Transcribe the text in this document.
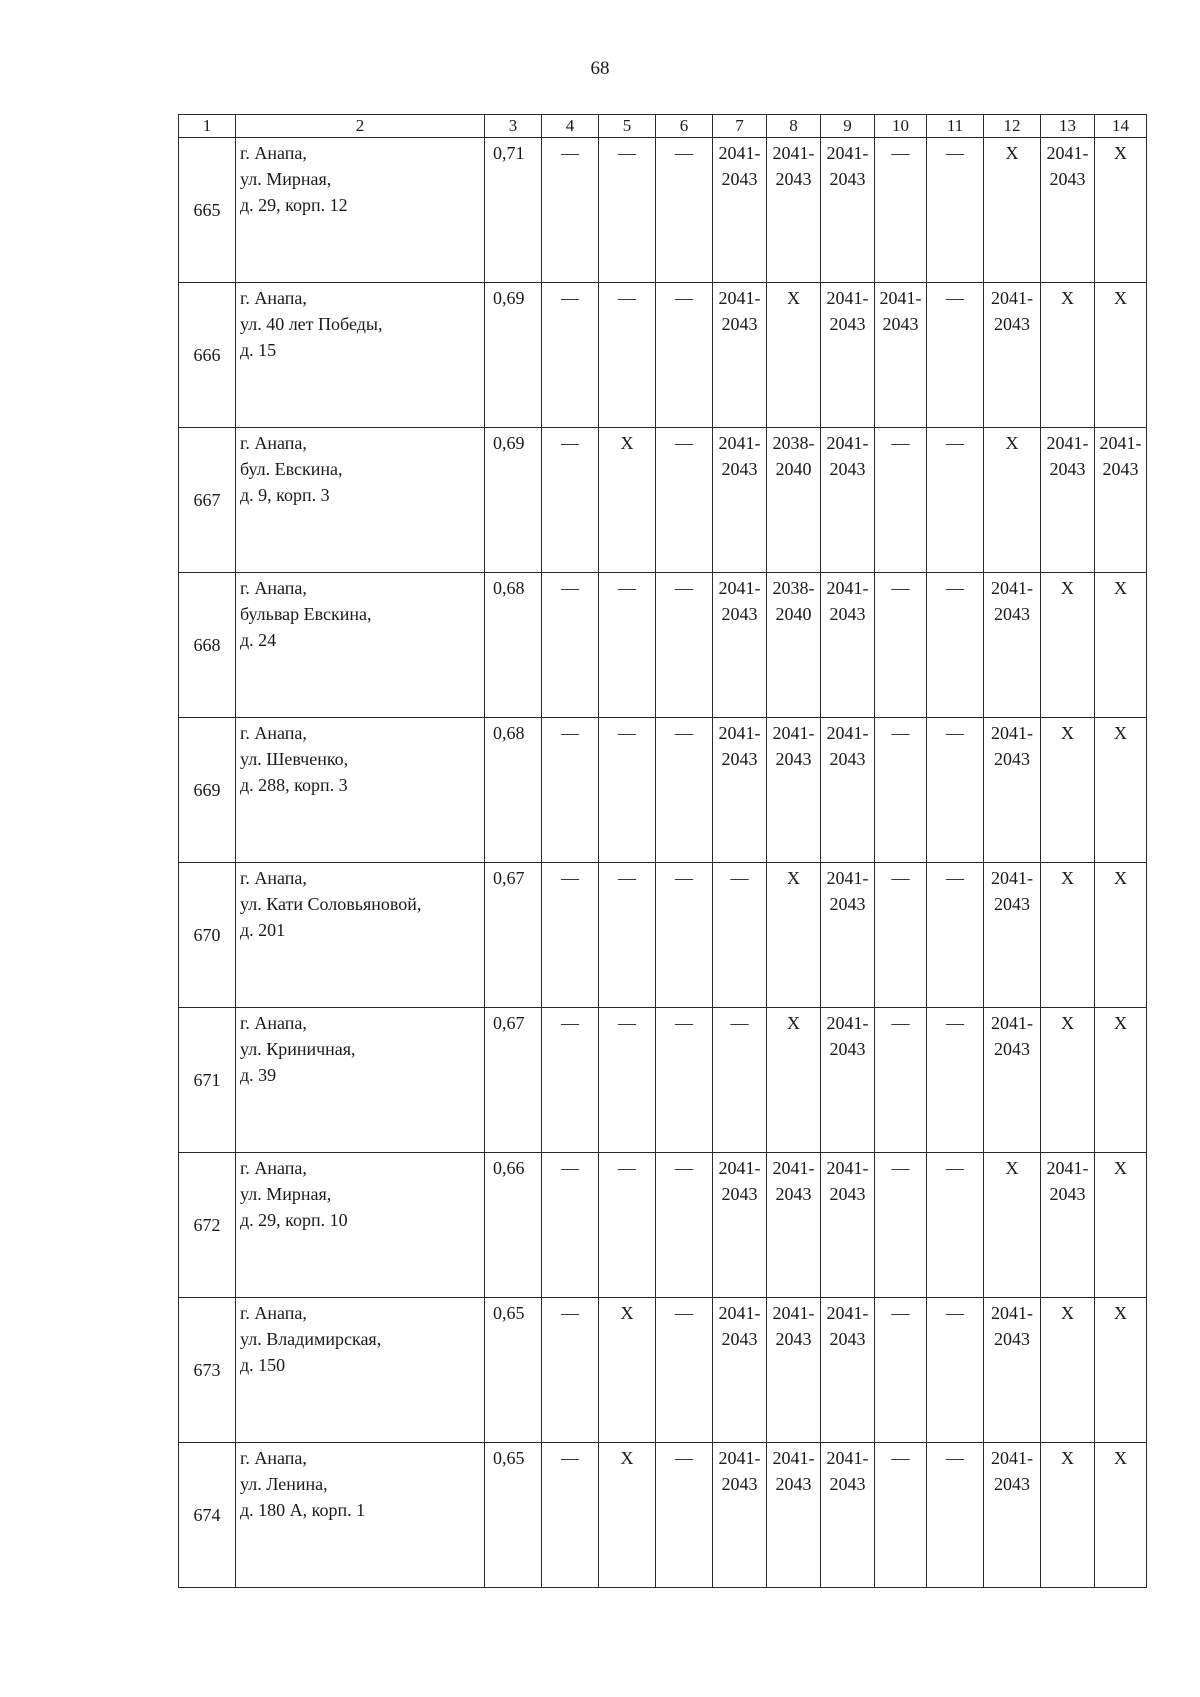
68
1	2	3	4	5	6	7	8	9	10	11	12	13	14
665	г. Анапа,
ул. Мирная,
д. 29, корп. 12	0,71	—	—	—	2041-
2043	2041-
2043	2041-
2043	—	—	X	2041-
2043	X

666	г. Анапа,
ул. 40 лет Победы,
д. 15	0,69	—	—	—	2041-
2043	X	2041-
2043	2041-
2043	—	2041-
2043	X	X

667	г. Анапа,
бул. Евскина,
д. 9, корп. 3	0,69	—	X	—	2041-
2043	2038-
2040	2041-
2043	—	—	X	2041-
2043	2041-
2043

668	г. Анапа,
бульвар Евскина,
д. 24	0,68	—	—	—	2041-
2043	2038-
2040	2041-
2043	—	—	2041-
2043	X	X

669	г. Анапа,
ул. Шевченко,
д. 288, корп. 3	0,68	—	—	—	2041-
2043	2041-
2043	2041-
2043	—	—	2041-
2043	X	X

670	г. Анапа,
ул. Кати Соловьяновой,
д. 201	0,67	—	—	—	—	X	2041-
2043	—	—	2041-
2043	X	X

671	г. Анапа,
ул. Криничная,
д. 39	0,67	—	—	—	—	X	2041-
2043	—	—	2041-
2043	X	X

672	г. Анапа,
ул. Мирная,
д. 29, корп. 10	0,66	—	—	—	2041-
2043	2041-
2043	2041-
2043	—	—	X	2041-
2043	X

673	г. Анапа,
ул. Владимирская,
д. 150	0,65	—	X	—	2041-
2043	2041-
2043	2041-
2043	—	—	2041-
2043	X	X

674	г. Анапа,
ул. Ленина,
д. 180 А, корп. 1	0,65	—	X	—	2041-
2043	2041-
2043	2041-
2043	—	—	2041-
2043	X	X
